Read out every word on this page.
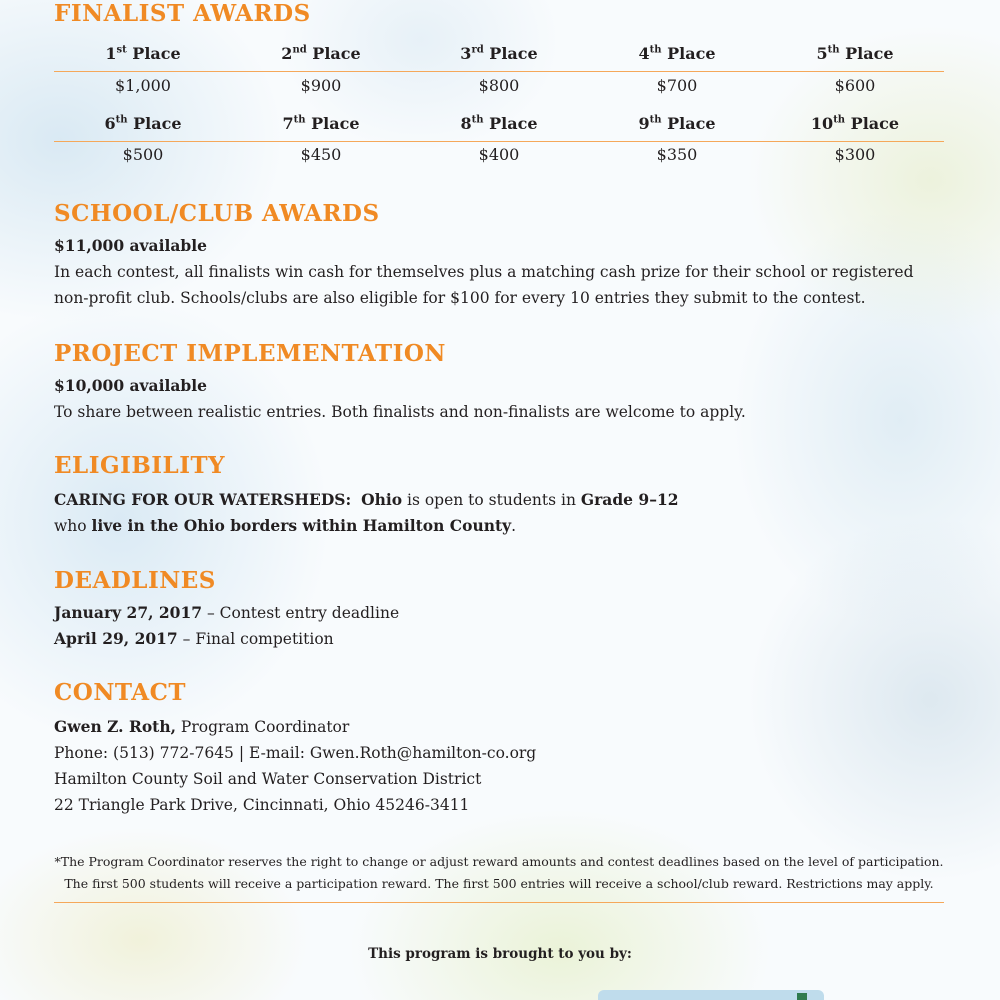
FINALIST AWARDS
1st Place	2nd Place	3rd Place	4th Place	5th Place
$1,000	$900	$800	$700	$600
6th Place	7th Place	8th Place	9th Place	10th Place
$500	$450	$400	$350	$300
SCHOOL/CLUB AWARDS
$11,000 available
In each contest, all finalists win cash for themselves plus a matching cash prize for their school or registered
non-profit club. Schools/clubs are also eligible for $100 for every 10 entries they submit to the contest.
PROJECT IMPLEMENTATION
$10,000 available
To share between realistic entries. Both finalists and non-finalists are welcome to apply.
ELIGIBILITY
CARING FOR OUR WATERSHEDS: Ohio is open to students in Grade 9–12
who live in the Ohio borders within Hamilton County.
DEADLINES
January 27, 2017 – Contest entry deadline
April 29, 2017 – Final competition
CONTACT
Gwen Z. Roth, Program Coordinator
Phone: (513) 772-7645 | E-mail: Gwen.Roth@hamilton-co.org
Hamilton County Soil and Water Conservation District
22 Triangle Park Drive, Cincinnati, Ohio 45246-3411
*The Program Coordinator reserves the right to change or adjust reward amounts and contest deadlines based on the level of participation.
The first 500 students will receive a participation reward. The first 500 entries will receive a school/club reward. Restrictions may apply.
This program is brought to you by:
